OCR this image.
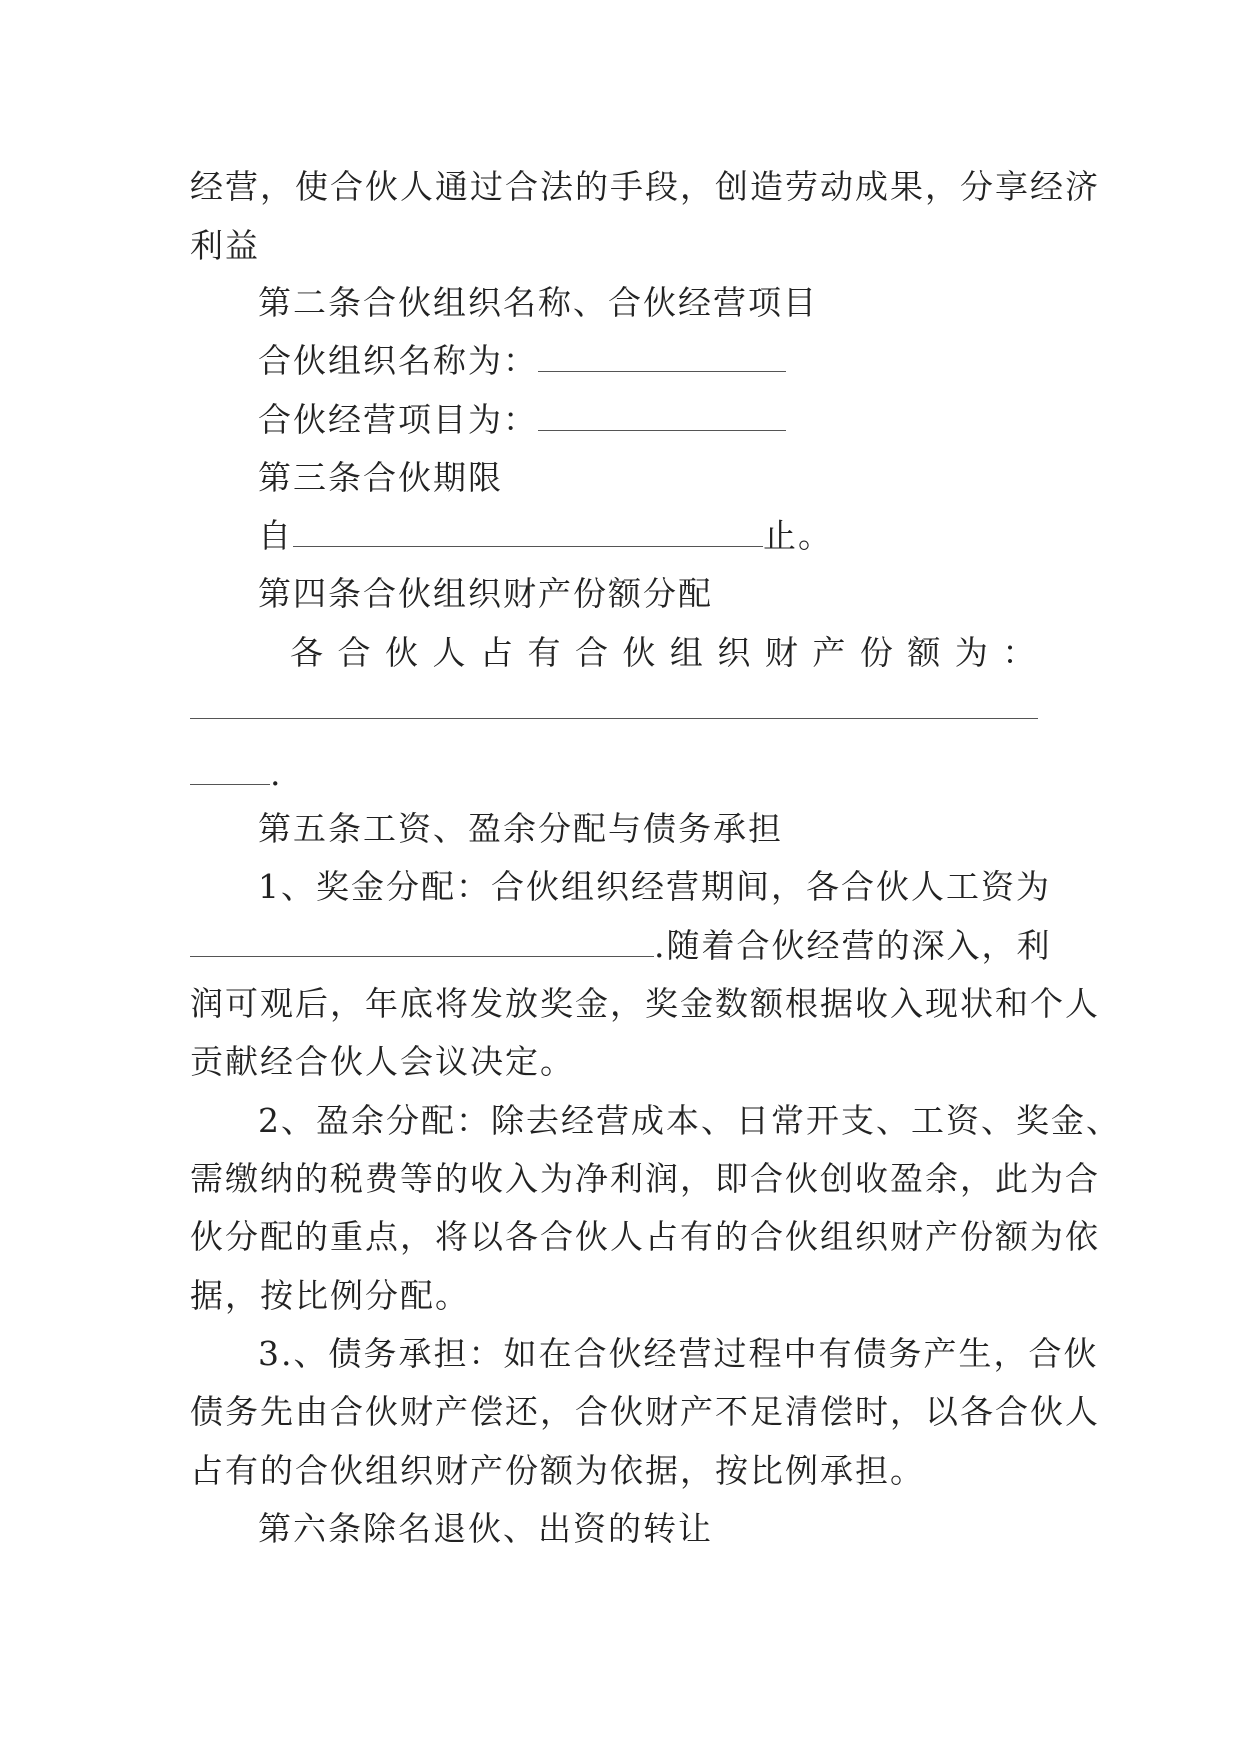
经营，使合伙人通过合法的手段，创造劳动成果，分享经济
利益
第二条合伙组织名称、合伙经营项目
合伙组织名称为：
合伙经营项目为：
第三条合伙期限
自	止。
第四条合伙组织财产份额分配
各 合 伙 人 占 有 合 伙 组 织 财 产 份 额 为 ：
.
第五条工资、盈余分配与债务承担
1、奖金分配：合伙组织经营期间，各合伙人工资为
.随着合伙经营的深入，利
润可观后，年底将发放奖金，奖金数额根据收入现状和个人
贡献经合伙人会议决定。
2、盈余分配：除去经营成本、日常开支、工资、奖金、
需缴纳的税费等的收入为净利润，即合伙创收盈余，此为合
伙分配的重点，将以各合伙人占有的合伙组织财产份额为依
据，按比例分配。
3.、债务承担：如在合伙经营过程中有债务产生，合伙
债务先由合伙财产偿还，合伙财产不足清偿时，以各合伙人
占有的合伙组织财产份额为依据，按比例承担。
第六条除名退伙、出资的转让
